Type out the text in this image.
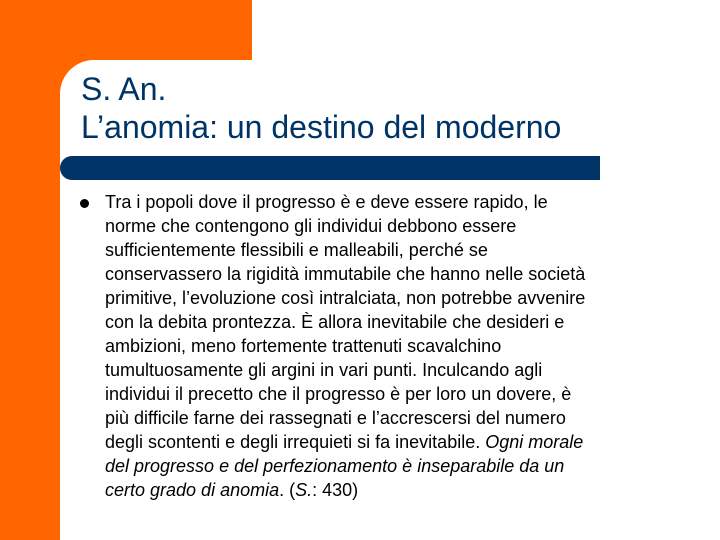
S. An.
L’anomia: un destino del moderno
Tra i popoli dove il progresso è e deve essere rapido, le
norme che contengono gli individui debbono essere
sufficientemente flessibili e malleabili, perché se
conservassero la rigidità immutabile che hanno nelle società
primitive, l’evoluzione così intralciata, non potrebbe avvenire
con la debita prontezza. È allora inevitabile che desideri e
ambizioni, meno fortemente trattenuti scavalchino
tumultuosamente gli argini in vari punti. Inculcando agli
individui il precetto che il progresso è per loro un dovere, è
più difficile farne dei rassegnati e l’accrescersi del numero
degli scontenti e degli irrequieti si fa inevitabile. Ogni morale
del progresso e del perfezionamento è inseparabile da un
certo grado di anomia. (S.: 430)
